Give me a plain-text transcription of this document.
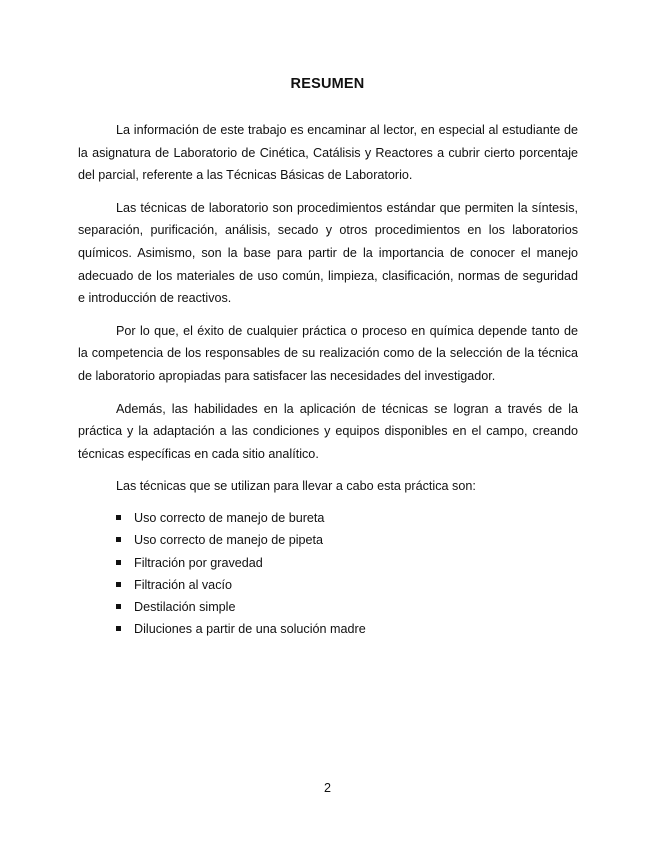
RESUMEN

La información de este trabajo es encaminar al lector, en especial al estudiante de la asignatura de Laboratorio de Cinética, Catálisis y Reactores a cubrir cierto porcentaje del parcial, referente a las Técnicas Básicas de Laboratorio.

Las técnicas de laboratorio son procedimientos estándar que permiten la síntesis, separación, purificación, análisis, secado y otros procedimientos en los laboratorios químicos. Asimismo, son la base para partir de la importancia de conocer el manejo adecuado de los materiales de uso común, limpieza, clasificación, normas de seguridad e introducción de reactivos.

Por lo que, el éxito de cualquier práctica o proceso en química depende tanto de la competencia de los responsables de su realización como de la selección de la técnica de laboratorio apropiadas para satisfacer las necesidades del investigador.

Además, las habilidades en la aplicación de técnicas se logran a través de la práctica y la adaptación a las condiciones y equipos disponibles en el campo, creando técnicas específicas en cada sitio analítico.

Las técnicas que se utilizan para llevar a cabo esta práctica son:

Uso correcto de manejo de bureta
Uso correcto de manejo de pipeta
Filtración por gravedad
Filtración al vacío
Destilación simple
Diluciones a partir de una solución madre
2
